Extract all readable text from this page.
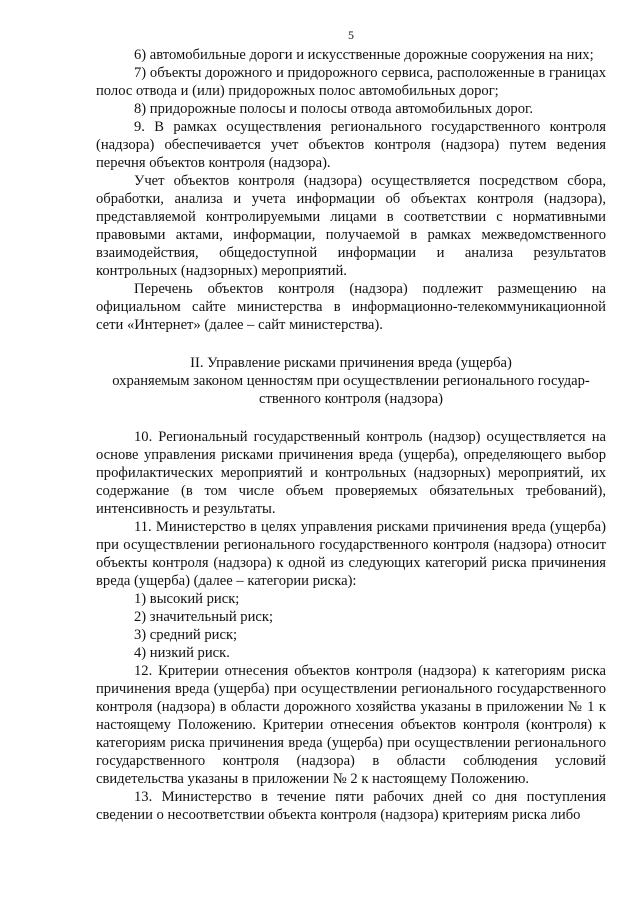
5

6) автомобильные дороги и искусственные дорожные сооружения на них;

7) объекты дорожного и придорожного сервиса, расположенные в границах полос отвода и (или) придорожных полос автомобильных дорог;

8) придорожные полосы и полосы отвода автомобильных дорог.

9. В рамках осуществления регионального государственного контроля (надзора) обеспечивается учет объектов контроля (надзора) путем ведения перечня объектов контроля (надзора).

Учет объектов контроля (надзора) осуществляется посредством сбора, обработки, анализа и учета информации об объектах контроля (надзора), представляемой контролируемыми лицами в соответствии с нормативными правовыми актами, информации, получаемой в рамках межведомственного взаимодействия, общедоступной информации и анализа результатов контрольных (надзорных) мероприятий.

Перечень объектов контроля (надзора) подлежит размещению на официальном сайте министерства в информационно-телекоммуникационной сети «Интернет» (далее – сайт министерства).

II. Управление рисками причинения вреда (ущерба)
охраняемым законом ценностям при осуществлении регионального государ-
ственного контроля (надзора)

10. Региональный государственный контроль (надзор) осуществляется на основе управления рисками причинения вреда (ущерба), определяющего выбор профилактических мероприятий и контрольных (надзорных) мероприятий, их содержание (в том числе объем проверяемых обязательных требований), интенсивность и результаты.

11. Министерство в целях управления рисками причинения вреда (ущерба) при осуществлении регионального государственного контроля (надзора) относит объекты контроля (надзора) к одной из следующих категорий риска причинения вреда (ущерба) (далее – категории риска):

1) высокий риск;

2) значительный риск;

3) средний риск;

4) низкий риск.

12. Критерии отнесения объектов контроля (надзора) к категориям риска причинения вреда (ущерба) при осуществлении регионального государственного контроля (надзора) в области дорожного хозяйства указаны в приложении № 1 к настоящему Положению. Критерии отнесения объектов контроля (контроля) к категориям риска причинения вреда (ущерба) при осуществлении регионального государственного контроля (надзора) в области соблюдения условий свидетельства указаны в приложении № 2 к настоящему Положению.

13. Министерство в течение пяти рабочих дней со дня поступления сведении о несоответствии объекта контроля (надзора) критериям риска либо
